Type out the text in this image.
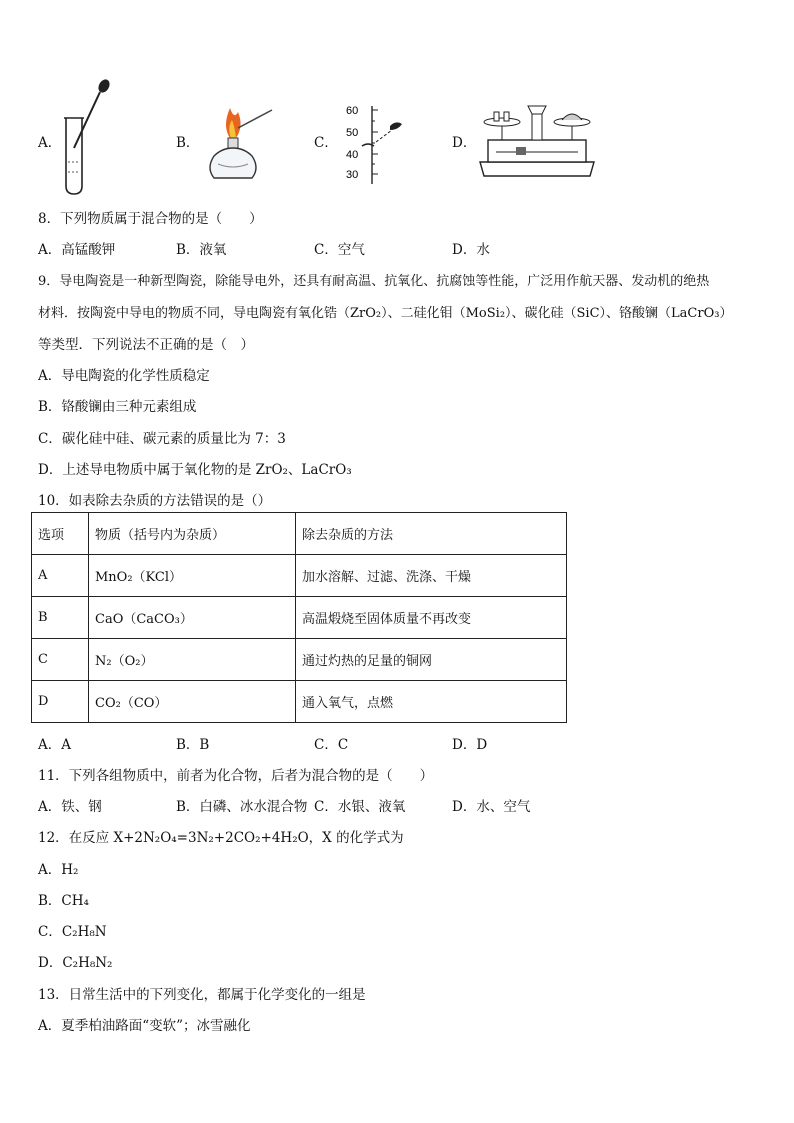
A．	B．	C．
60
50
40
30
D．
8．下列物质属于混合物的是（　　）
A．高锰酸钾	B．液氧	C．空气	D．水
9．导电陶瓷是一种新型陶瓷，除能导电外，还具有耐高温、抗氧化、抗腐蚀等性能，广泛用作航天器、发动机的绝热
材料．按陶瓷中导电的物质不同，导电陶瓷有氧化锆（ZrO₂）、二硅化钼（MoSi₂）、碳化硅（SiC）、铬酸镧（LaCrO₃）
等类型．下列说法不正确的是（　）
A．导电陶瓷的化学性质稳定
B．铬酸镧由三种元素组成
C．碳化硅中硅、碳元素的质量比为 7：3
D．上述导电物质中属于氧化物的是 ZrO₂、LaCrO₃
10．如表除去杂质的方法错误的是（）
选项	物质（括号内为杂质）	除去杂质的方法
A	MnO₂（KCl）	加水溶解、过滤、洗涤、干燥
B	CaO（CaCO₃）	高温煅烧至固体质量不再改变
C	N₂（O₂）	通过灼热的足量的铜网
D	CO₂（CO）	通入氧气，点燃
A．A	B．B	C．C	D．D
11．下列各组物质中，前者为化合物，后者为混合物的是（　　）
A．铁、钢	B．白磷、冰水混合物 C．水银、液氧	D．水、空气
12．在反应 X+2N₂O₄=3N₂+2CO₂+4H₂O，X 的化学式为
A．H₂
B．CH₄
C．C₂H₈N
D．C₂H₈N₂
13．日常生活中的下列变化，都属于化学变化的一组是
A．夏季柏油路面“变软”；冰雪融化
